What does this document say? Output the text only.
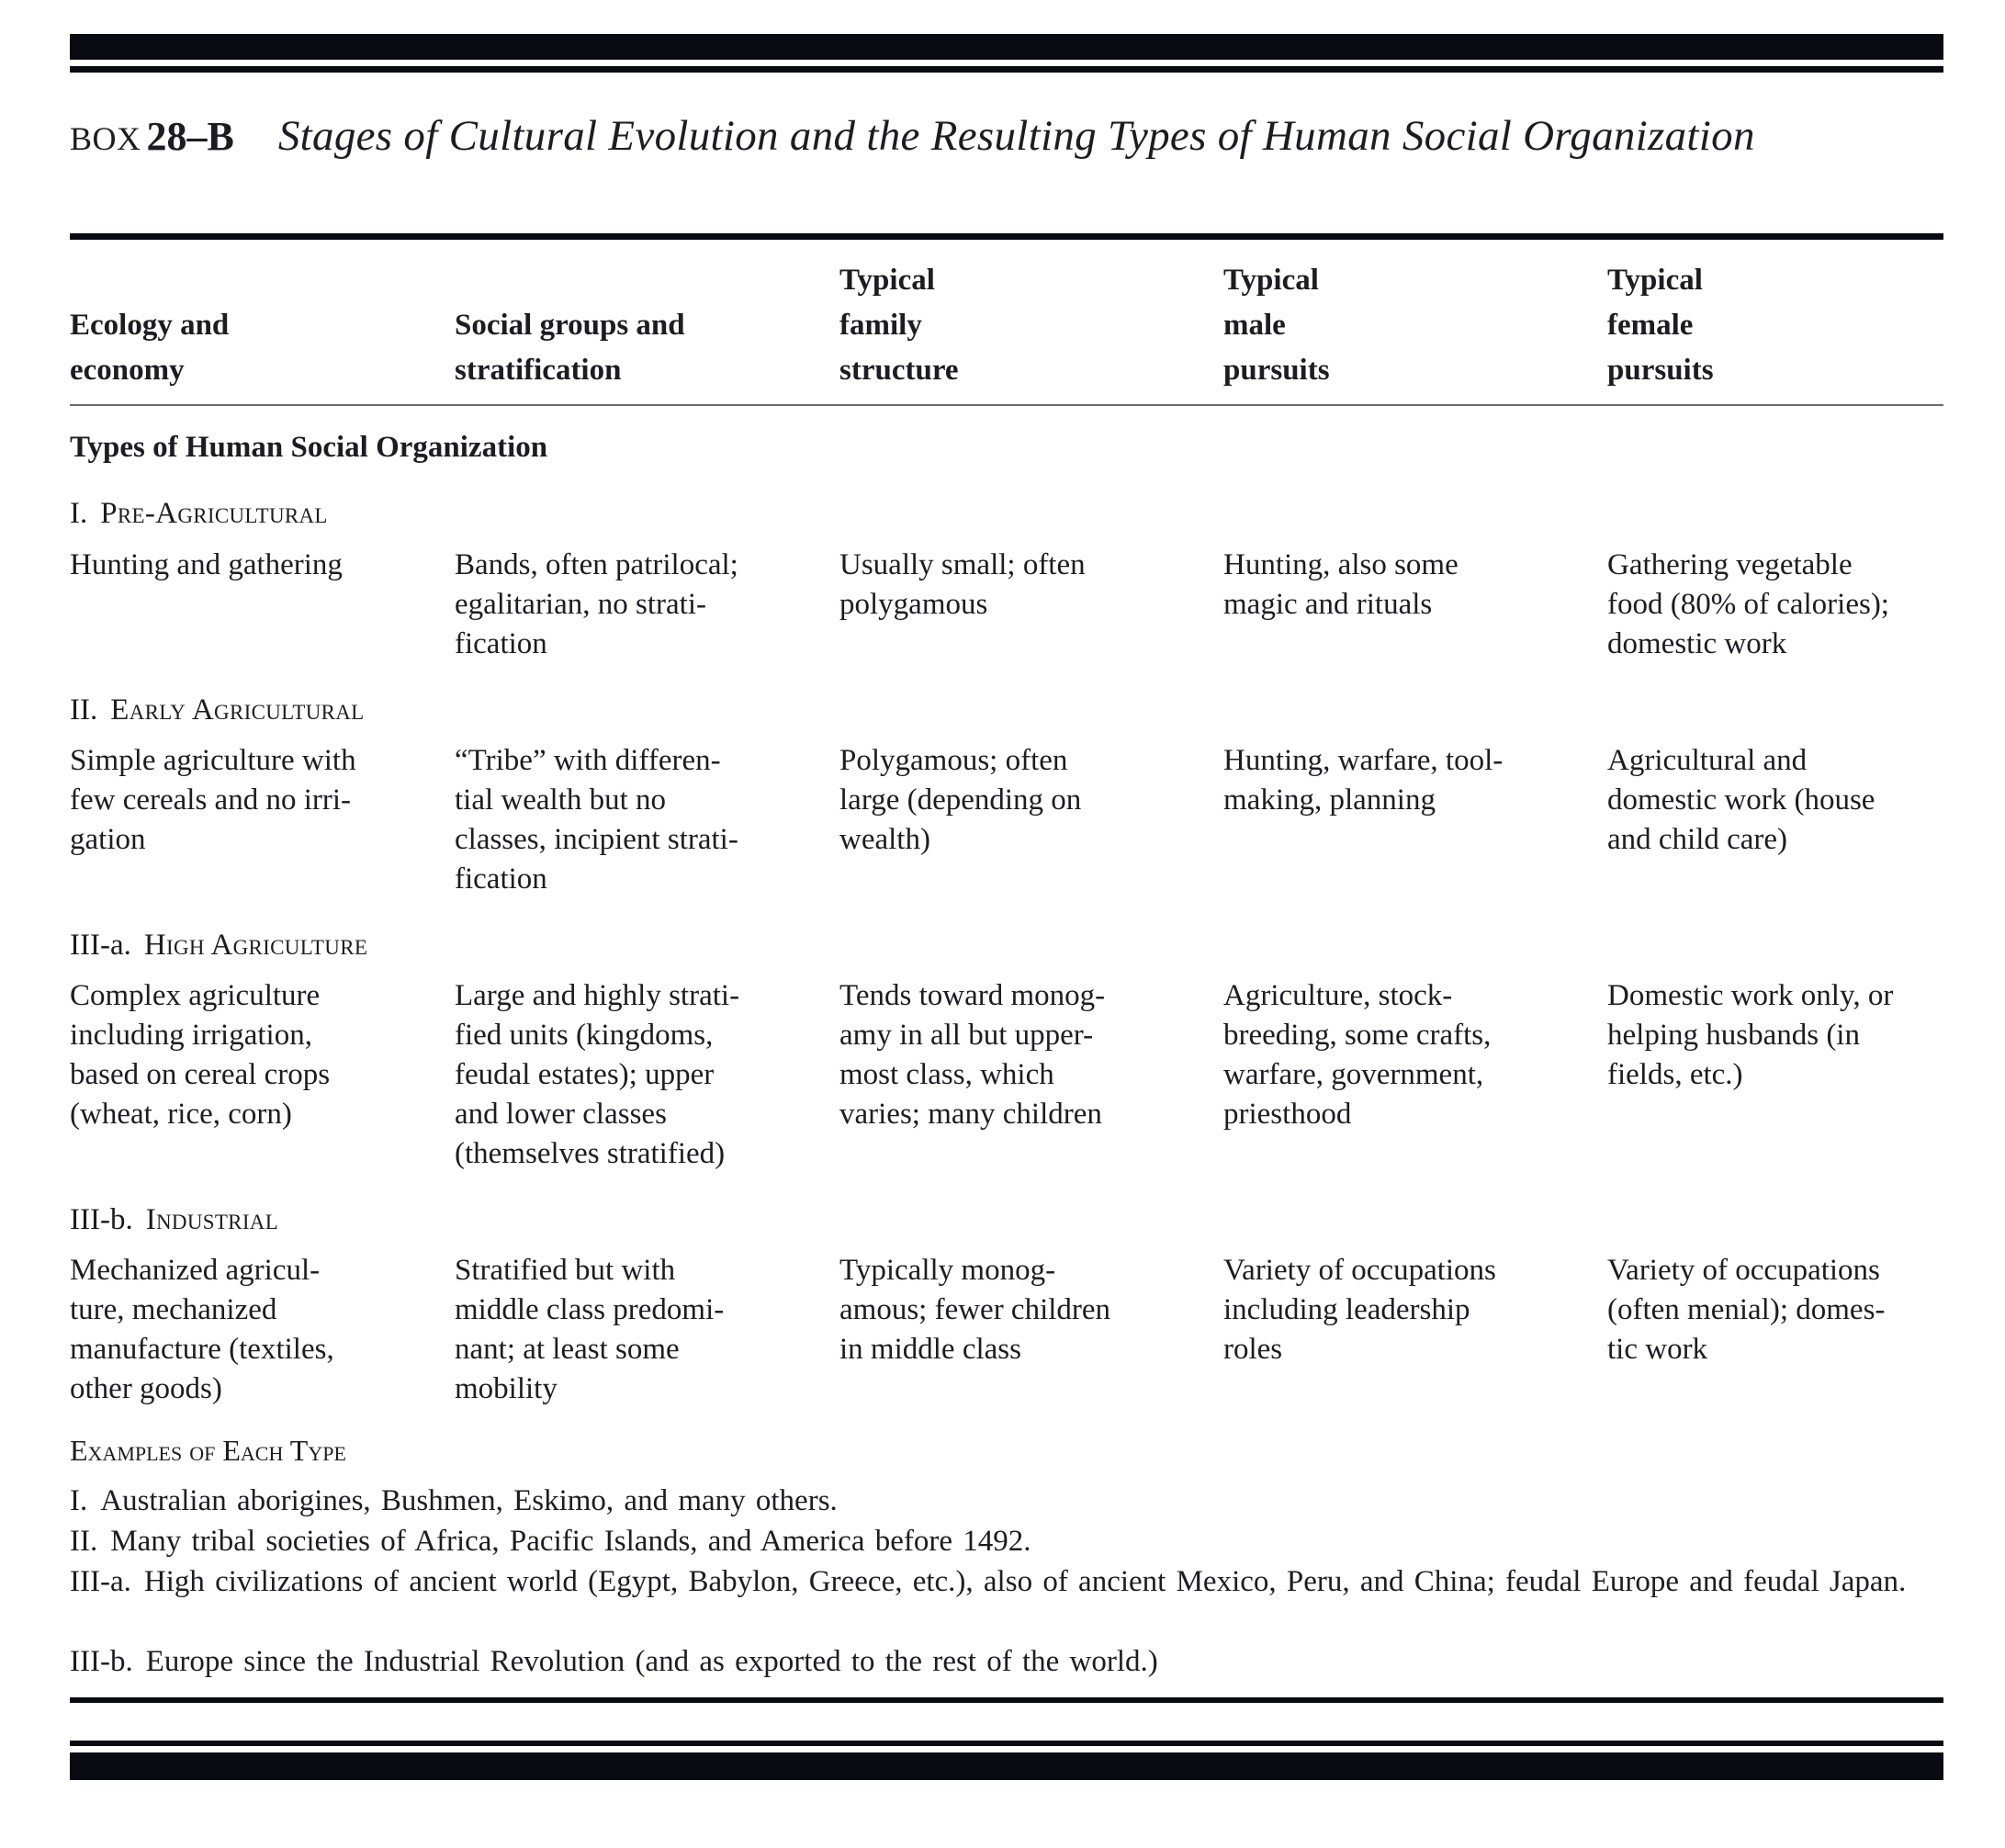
BOX 28–B Stages of Cultural Evolution and the Resulting Types of Human Social Organization
Ecology and
economy
Social groups and
stratification
Typical
family
structure
Typical
male
pursuits
Typical
female
pursuits
Types of Human Social Organization
I. Pre-Agricultural
Hunting and gathering	Bands, often patrilocal;
egalitarian, no strati-
fication
Usually small; often
polygamous
Hunting, also some
magic and rituals
Gathering vegetable
food (80% of calories);
domestic work
II. Early Agricultural
Simple agriculture with
few cereals and no irri-
gation
“Tribe” with differen-
tial wealth but no
classes, incipient strati-
fication
Polygamous; often
large (depending on
wealth)
Hunting, warfare, tool-
making, planning
Agricultural and
domestic work (house
and child care)
III-a. High Agriculture
Complex agriculture
including irrigation,
based on cereal crops
(wheat, rice, corn)
Large and highly strati-
fied units (kingdoms,
feudal estates); upper
and lower classes
(themselves stratified)
Tends toward monog-
amy in all but upper-
most class, which
varies; many children
Agriculture, stock-
breeding, some crafts,
warfare, government,
priesthood
Domestic work only, or
helping husbands (in
fields, etc.)
III-b. Industrial
Mechanized agricul-
ture, mechanized
manufacture (textiles,
other goods)
Stratified but with
middle class predomi-
nant; at least some
mobility
Typically monog-
amous; fewer children
in middle class
Variety of occupations
including leadership
roles
Variety of occupations
(often menial); domes-
tic work
Examples of Each Type
I. Australian aborigines, Bushmen, Eskimo, and many others.
II. Many tribal societies of Africa, Pacific Islands, and America before 1492.
III-a. High civilizations of ancient world (Egypt, Babylon, Greece, etc.), also of ancient Mexico, Peru, and China; feudal Europe and feudal Japan.
III-b. Europe since the Industrial Revolution (and as exported to the rest of the world.)
